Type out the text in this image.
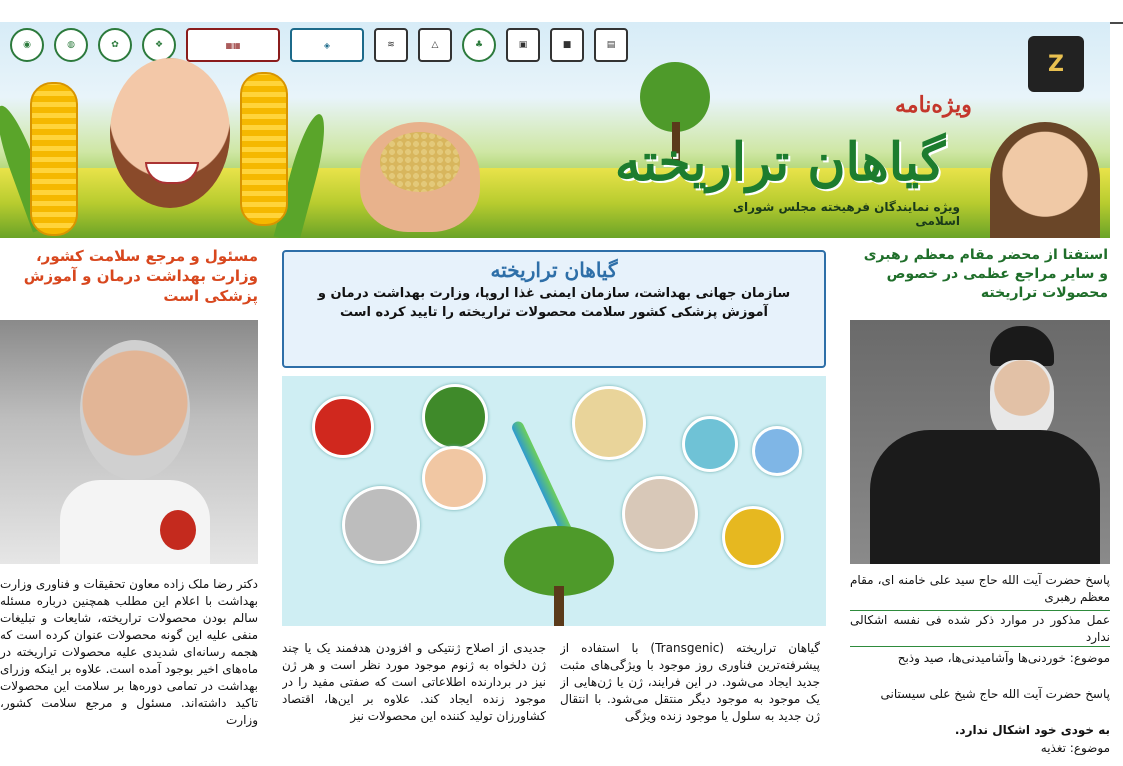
◉	◍	✿	❖	▦▦	◈	≋	△	♣	▣	■	▤
ویژه‌نامه
گیاهان تراریخته
ویژه نمایندگان فرهیخته مجلس شورای اسلامی
Z
مسئول و مرجع سلامت کشور، وزارت بهداشت درمان و آموزش پزشکی است
دکتر رضا ملک زاده معاون تحقیقات و فناوری وزارت بهداشت با اعلام این مطلب همچنین درباره مسئله سالم بودن محصولات تراریخته، شایعات و تبلیغات منفی علیه این گونه محصولات عنوان کرده است که هجمه رسانه‌ای شدیدی علیه محصولات تراریخته در ماه‌های اخیر بوجود آمده است. علاوه بر اینکه وزرای بهداشت در تمامی دوره‌ها بر سلامت این محصولات تاکید داشته‌اند. مسئول و مرجع سلامت کشور، وزارت
گیاهان تراریخته

سازمان جهانی بهداشت، سازمان ایمنی غذا اروپا، وزارت بهداشت درمان و آموزش پزشکی کشور سلامت محصولات تراریخته را تایید کرده است

گیاهان تراریخته (Transgenic) با استفاده از پیشرفته‌ترین فناوری روز موجود با ویژگی‌های مثبت جدید ایجاد می‌شود. در این فرایند، ژن یا ژن‌هایی از یک موجود به موجود دیگر منتقل می‌شود. با انتقال ژن جدید به سلول یا موجود زنده ویژگی
جدیدی از اصلاح ژنتیکی و افزودن هدفمند یک یا چند ژن دلخواه به ژنوم موجود مورد نظر است و هر ژن نیز در بردارنده اطلاعاتی است که صفتی مفید را در موجود زنده ایجاد کند. علاوه بر این‌ها، اقتصاد کشاورزان تولید کننده این محصولات نیز
استفتا از محضر مقام معظم رهبری و سایر مراجع عظمی در خصوص محصولات تراریخته
پاسخ حضرت آیت الله حاج سید علی خامنه ای، مقام معظم رهبری
عمل مذکور در موارد ذکر شده فی نفسه اشکالی ندارد
موضوع: خوردنی‌ها وآشامیدنی‌ها، صید وذبح
پاسخ حضرت آیت الله حاج شیخ علی سیستانی
به خودی خود اشکال ندارد.
موضوع: تغذیه
